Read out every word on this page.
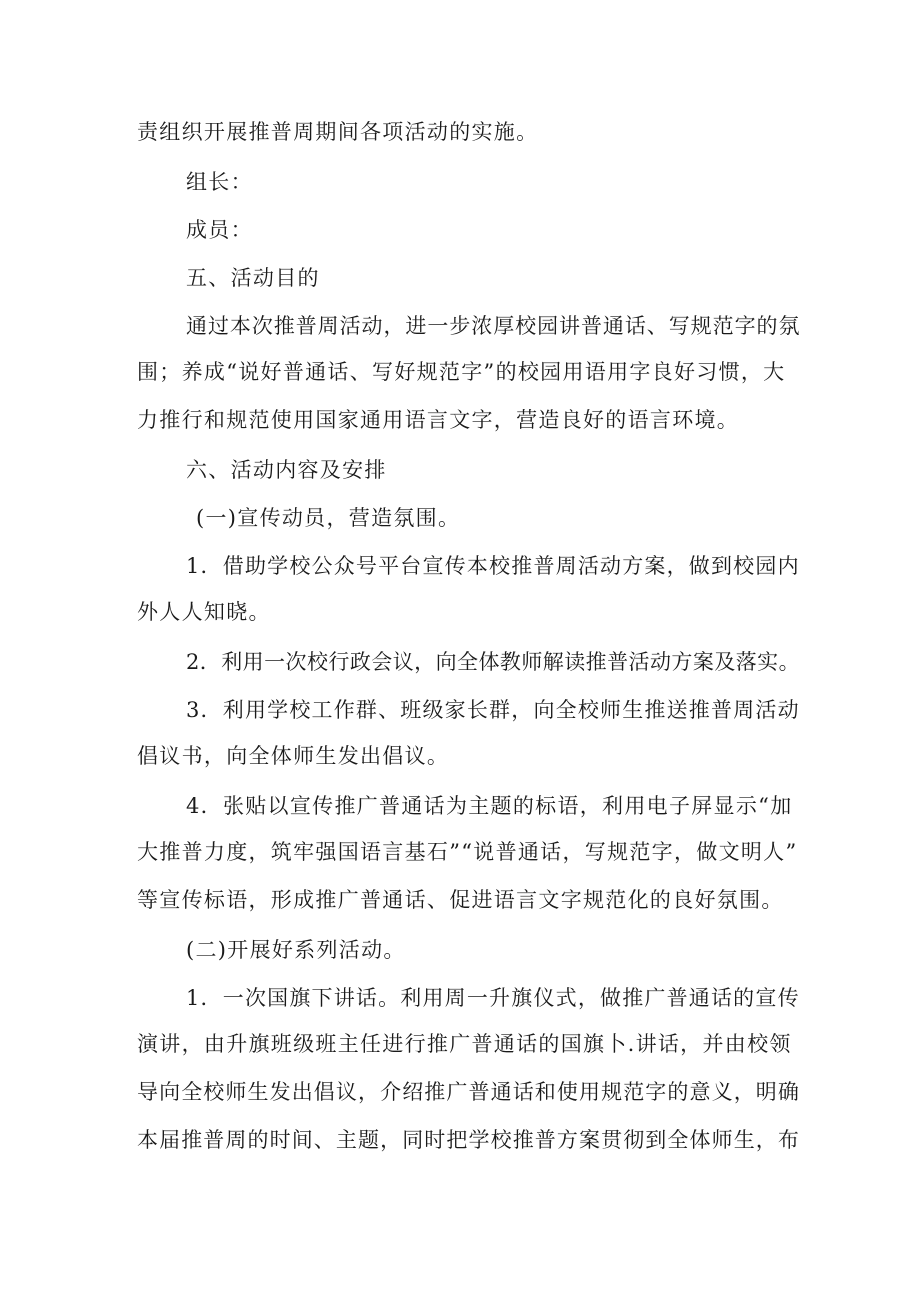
责组织开展推普周期间各项活动的实施。
组长：
成员：
五、活动目的
通过本次推普周活动，进一步浓厚校园讲普通话、写规范字的氛
围；养成“说好普通话、写好规范字”的校园用语用字良好习惯，大
力推行和规范使用国家通用语言文字，营造良好的语言环境。
六、活动内容及安排
(一)宣传动员，营造氛围。
1．借助学校公众号平台宣传本校推普周活动方案，做到校园内
外人人知晓。
2．利用一次校行政会议，向全体教师解读推普活动方案及落实。
3．利用学校工作群、班级家长群，向全校师生推送推普周活动
倡议书，向全体师生发出倡议。
4．张贴以宣传推广普通话为主题的标语，利用电子屏显示“加
大推普力度，筑牢强国语言基石”“说普通话，写规范字，做文明人”
等宣传标语，形成推广普通话、促进语言文字规范化的良好氛围。
(二)开展好系列活动。
1．一次国旗下讲话。利用周一升旗仪式，做推广普通话的宣传
演讲，由升旗班级班主任进行推广普通话的国旗卜.讲话，并由校领
导向全校师生发出倡议，介绍推广普通话和使用规范字的意义，明确
本届推普周的时间、主题，同时把学校推普方案贯彻到全体师生，布
